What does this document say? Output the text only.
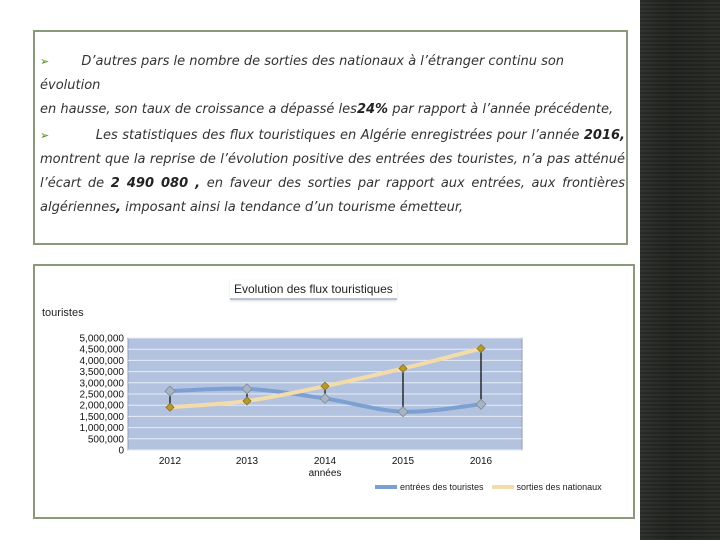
➢ D’autres pars le nombre de sorties des nationaux à l’étranger continu son évolution
en hausse, son taux de croissance a dépassé les24% par rapport à l’année précédente,
➢	Les statistiques des flux touristiques en Algérie enregistrées pour l’année 2016, montrent que la reprise de l’évolution positive des entrées des touristes, n’a pas atténué l’écart de 2 490 080 , en faveur des sorties par rapport aux entrées, aux frontières algériennes, imposant ainsi la tendance d’un tourisme émetteur,
0
500,000
1,000,000
1,500,000
2,000,000
2,500,000
3,000,000
3,500,000
4,000,000
4,500,000
5,000,000
2012	2013	2014	2015	2016
années
Evolution des flux touristiques
touristes
entrées des touristes	sorties des nationaux
